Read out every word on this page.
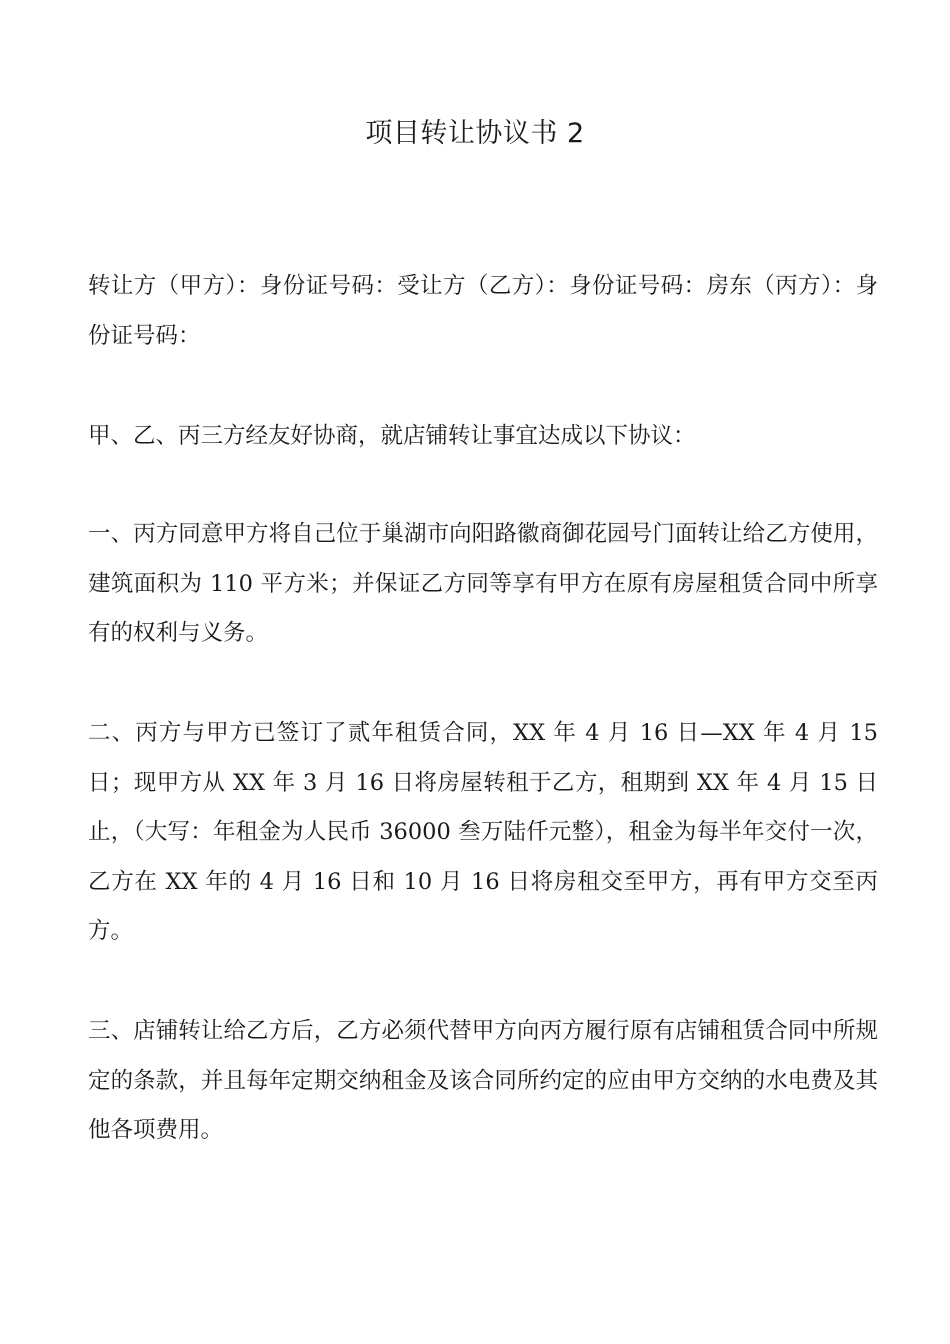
项目转让协议书 2

转让方（甲方）：身份证号码：受让方（乙方）：身份证号码：房东（丙方）：身份证号码：

甲、乙、丙三方经友好协商，就店铺转让事宜达成以下协议：

一、丙方同意甲方将自己位于巢湖市向阳路徽商御花园号门面转让给乙方使用，建筑面积为 110 平方米；并保证乙方同等享有甲方在原有房屋租赁合同中所享有的权利与义务。

二、丙方与甲方已签订了贰年租赁合同，XX 年 4 月 16 日—XX 年 4 月 15 日；现甲方从 XX 年 3 月 16 日将房屋转租于乙方，租期到 XX 年 4 月 15 日止，（大写：年租金为人民币 36000 叁万陆仟元整），租金为每半年交付一次，乙方在 XX 年的 4 月 16 日和 10 月 16 日将房租交至甲方，再有甲方交至丙方。

三、店铺转让给乙方后，乙方必须代替甲方向丙方履行原有店铺租赁合同中所规定的条款，并且每年定期交纳租金及该合同所约定的应由甲方交纳的水电费及其他各项费用。
